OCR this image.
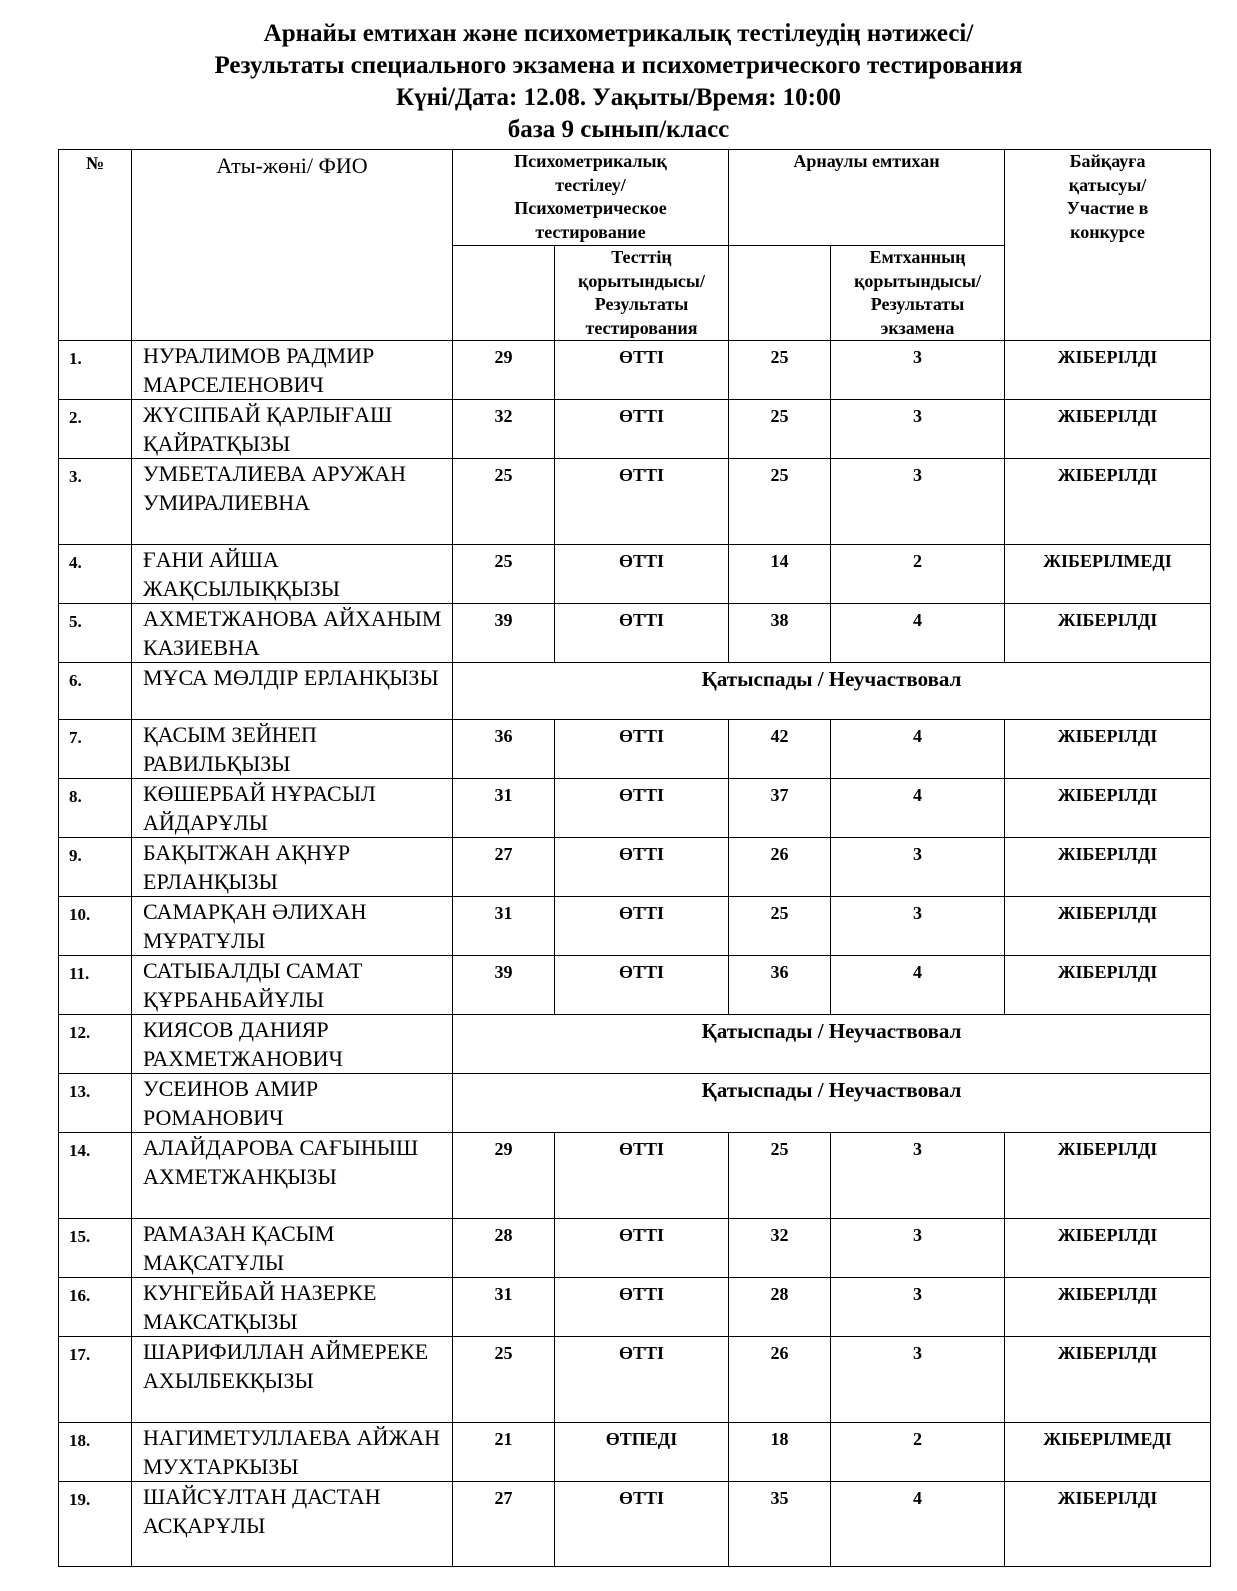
Арнайы емтихан және психометрикалық тестілеудің нәтижесі/
Результаты специального экзамена и психометрического тестирования
Күні/Дата: 12.08. Уақыты/Время: 10:00
база 9 сынып/класс
№	Аты-жөні/ ФИО	Психометрикалық тестілеу/ Психометрическое тестирование		Арнаулы емтихан		Байқауға қатысуы/ Участие в конкурсе
			Тесттің қорытындысы/ Результаты тестирования		Емтханның қорытындысы/ Результаты экзамена	
1.	НУРАЛИМОВ РАДМИР МАРСЕЛЕНОВИЧ	29	ӨТТІ	25	3	ЖІБЕРІЛДІ
2.	ЖҮСІПБАЙ ҚАРЛЫҒАШ ҚАЙРАТҚЫЗЫ	32	ӨТТІ	25	3	ЖІБЕРІЛДІ
3.	УМБЕТАЛИЕВА АРУЖАН УМИРАЛИЕВНА	25	ӨТТІ	25	3	ЖІБЕРІЛДІ
4.	ҒАНИ АЙША ЖАҚСЫЛЫҚҚЫЗЫ	25	ӨТТІ	14	2	ЖІБЕРІЛМЕДІ
5.	АХМЕТЖАНОВА АЙХАНЫМ КАЗИЕВНА	39	ӨТТІ	38	4	ЖІБЕРІЛДІ
6.	МҰСА МӨЛДІР ЕРЛАНҚЫЗЫ	Қатыспады / Неучаствовал				
7.	ҚАСЫМ ЗЕЙНЕП РАВИЛЬҚЫЗЫ	36	ӨТТІ	42	4	ЖІБЕРІЛДІ
8.	КӨШЕРБАЙ НҰРАСЫЛ АЙДАРҰЛЫ	31	ӨТТІ	37	4	ЖІБЕРІЛДІ
9.	БАҚЫТЖАН АҚНҰР ЕРЛАНҚЫЗЫ	27	ӨТТІ	26	3	ЖІБЕРІЛДІ
10.	САМАРҚАН ӘЛИХАН МҰРАТҰЛЫ	31	ӨТТІ	25	3	ЖІБЕРІЛДІ
11.	САТЫБАЛДЫ САМАТ ҚҰРБАНБАЙҰЛЫ	39	ӨТТІ	36	4	ЖІБЕРІЛДІ
12.	КИЯСОВ ДАНИЯР РАХМЕТЖАНОВИЧ	Қатыспады / Неучаствовал				
13.	УСЕИНОВ АМИР РОМАНОВИЧ	Қатыспады / Неучаствовал				
14.	АЛАЙДАРОВА САҒЫНЫШ АХМЕТЖАНҚЫЗЫ	29	ӨТТІ	25	3	ЖІБЕРІЛДІ
15.	РАМАЗАН ҚАСЫМ МАҚСАТҰЛЫ	28	ӨТТІ	32	3	ЖІБЕРІЛДІ
16.	КУНГЕЙБАЙ НАЗЕРКЕ МАКСАТҚЫЗЫ	31	ӨТТІ	28	3	ЖІБЕРІЛДІ
17.	ШАРИФИЛЛАН АЙМЕРЕКЕ АХЫЛБЕКҚЫЗЫ	25	ӨТТІ	26	3	ЖІБЕРІЛДІ
18.	НАГИМЕТУЛЛАЕВА АЙЖАН МУХТАРКЫЗЫ	21	ӨТПЕДІ	18	2	ЖІБЕРІЛМЕДІ
19.	ШАЙСҰЛТАН ДАСТАН АСҚАРҰЛЫ	27	ӨТТІ	35	4	ЖІБЕРІЛДІ
